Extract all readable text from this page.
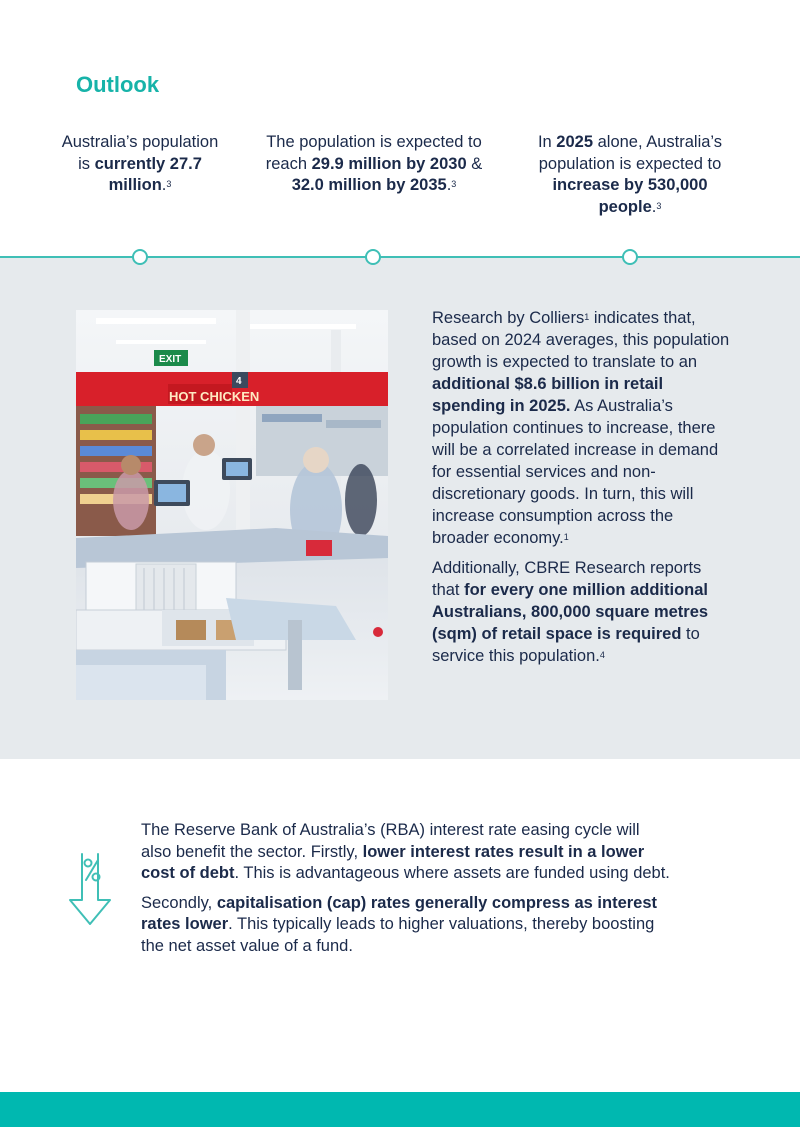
Outlook
Australia’s population is currently 27.7 million.$^3$
The population is expected to reach 29.9 million by 2030 & 32.0 million by 2035.$^3$
In 2025 alone, Australia’s population is expected to increase by 530,000 people.$^3$
HOT CHICKEN
EXIT
4

Research by Colliers$^1$ indicates that, based on 2024 averages, this population growth is expected to translate to an additional $8.6 billion in retail spending in 2025. As Australia’s population continues to increase, there will be a correlated increase in demand for essential services and non-discretionary goods. In turn, this will increase consumption across the broader economy.$^1$

Additionally, CBRE Research reports that for every one million additional Australians, 800,000 square metres (sqm) of retail space is required to service this population.$^4$

The Reserve Bank of Australia’s (RBA) interest rate easing cycle will also benefit the sector. Firstly, lower interest rates result in a lower cost of debt. This is advantageous where assets are funded using debt.

Secondly, capitalisation (cap) rates generally compress as interest rates lower. This typically leads to higher valuations, thereby boosting the net asset value of a fund.
